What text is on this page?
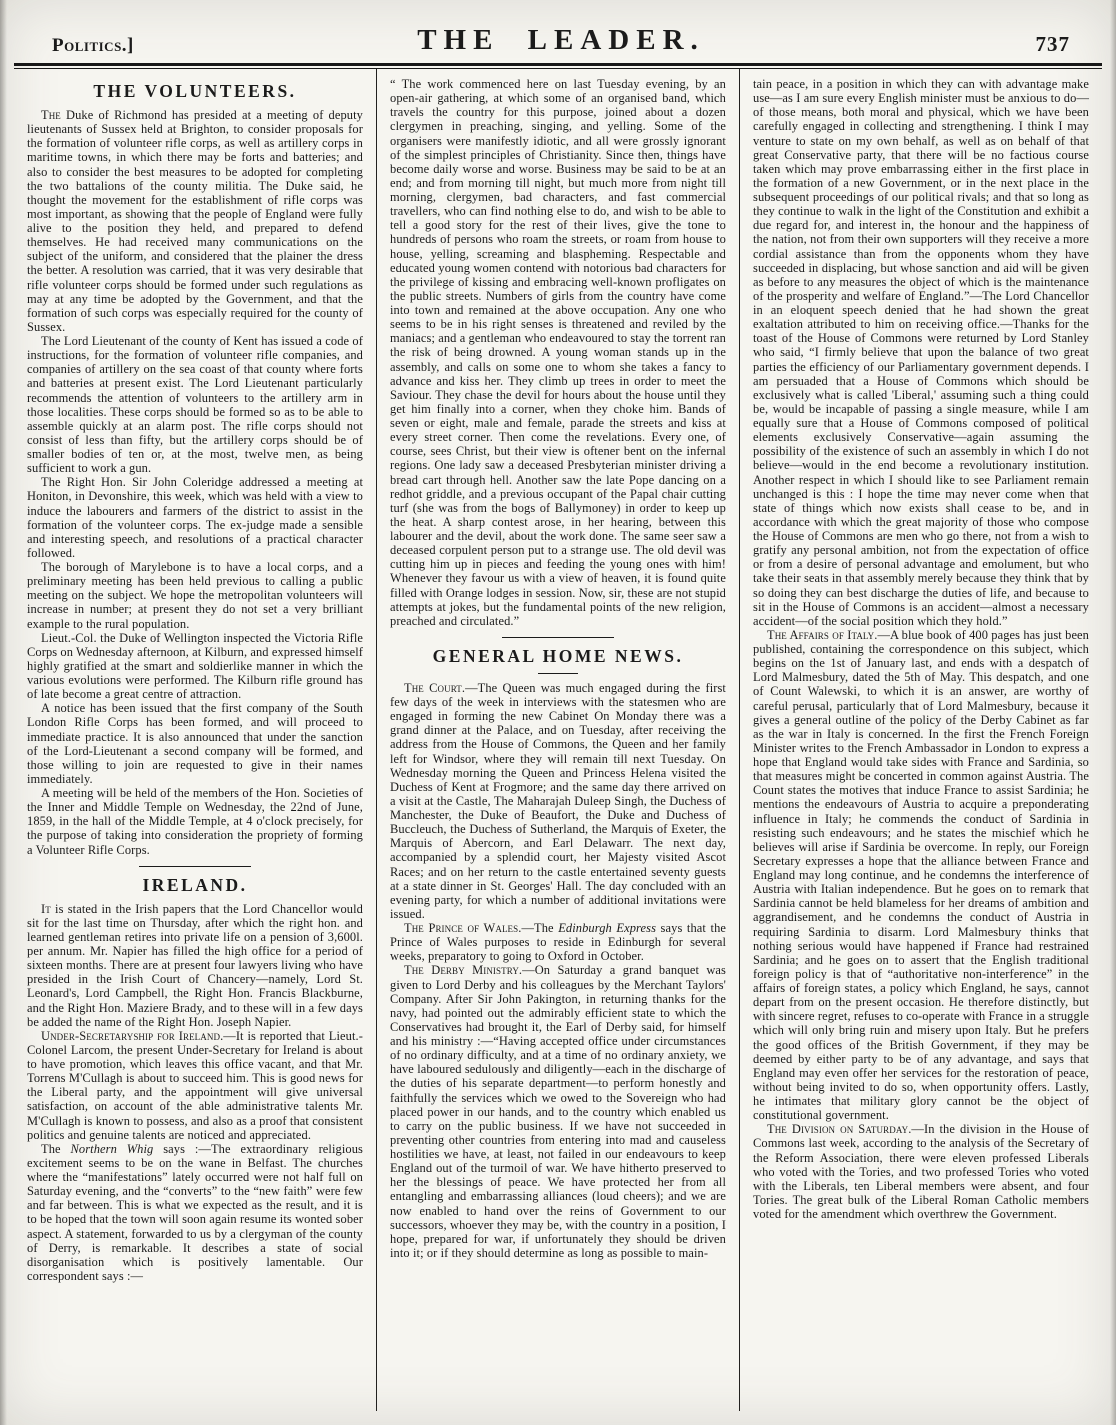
Politics.]	THE LEADER.	737
THE VOLUNTEERS.

The Duke of Richmond has presided at a meeting of deputy lieutenants of Sussex held at Brighton, to consider proposals for the formation of volunteer rifle corps, as well as artillery corps in maritime towns, in which there may be forts and batteries; and also to consider the best measures to be adopted for completing the two battalions of the county militia. The Duke said, he thought the movement for the establishment of rifle corps was most important, as showing that the people of England were fully alive to the position they held, and prepared to defend themselves. He had received many communications on the subject of the uniform, and considered that the plainer the dress the better. A resolution was carried, that it was very desirable that rifle volunteer corps should be formed under such regulations as may at any time be adopted by the Government, and that the formation of such corps was especially required for the county of Sussex.

The Lord Lieutenant of the county of Kent has issued a code of instructions, for the formation of volunteer rifle companies, and companies of artillery on the sea coast of that county where forts and batteries at present exist. The Lord Lieutenant particularly recommends the attention of volunteers to the artillery arm in those localities. These corps should be formed so as to be able to assemble quickly at an alarm post. The rifle corps should not consist of less than fifty, but the artillery corps should be of smaller bodies of ten or, at the most, twelve men, as being sufficient to work a gun.

The Right Hon. Sir John Coleridge addressed a meeting at Honiton, in Devonshire, this week, which was held with a view to induce the labourers and farmers of the district to assist in the formation of the volunteer corps. The ex-judge made a sensible and interesting speech, and resolutions of a practical character followed.

The borough of Marylebone is to have a local corps, and a preliminary meeting has been held previous to calling a public meeting on the subject. We hope the metropolitan volunteers will increase in number; at present they do not set a very brilliant example to the rural population.

Lieut.-Col. the Duke of Wellington inspected the Victoria Rifle Corps on Wednesday afternoon, at Kilburn, and expressed himself highly gratified at the smart and soldierlike manner in which the various evolutions were performed. The Kilburn rifle ground has of late become a great centre of attraction.

A notice has been issued that the first company of the South London Rifle Corps has been formed, and will proceed to immediate practice. It is also announced that under the sanction of the Lord-Lieutenant a second company will be formed, and those willing to join are requested to give in their names immediately.

A meeting will be held of the members of the Hon. Societies of the Inner and Middle Temple on Wednesday, the 22nd of June, 1859, in the hall of the Middle Temple, at 4 o'clock precisely, for the purpose of taking into consideration the propriety of forming a Volunteer Rifle Corps.

IRELAND.

It is stated in the Irish papers that the Lord Chancellor would sit for the last time on Thursday, after which the right hon. and learned gentleman retires into private life on a pension of 3,600l. per annum. Mr. Napier has filled the high office for a period of sixteen months. There are at present four lawyers living who have presided in the Irish Court of Chancery—namely, Lord St. Leonard's, Lord Campbell, the Right Hon. Francis Blackburne, and the Right Hon. Maziere Brady, and to these will in a few days be added the name of the Right Hon. Joseph Napier.

Under-Secretaryship for Ireland.—It is reported that Lieut.-Colonel Larcom, the present Under-Secretary for Ireland is about to have promotion, which leaves this office vacant, and that Mr. Torrens M'Cullagh is about to succeed him. This is good news for the Liberal party, and the appointment will give universal satisfaction, on account of the able administrative talents Mr. M'Cullagh is known to possess, and also as a proof that consistent politics and genuine talents are noticed and appreciated.

The Northern Whig says :—The extraordinary religious excitement seems to be on the wane in Belfast. The churches where the “manifestations” lately occurred were not half full on Saturday evening, and the “converts” to the “new faith” were few and far between. This is what we expected as the result, and it is to be hoped that the town will soon again resume its wonted sober aspect. A statement, forwarded to us by a clergyman of the county of Derry, is remarkable. It describes a state of social disorganisation which is positively lamentable. Our correspondent says :—

“ The work commenced here on last Tuesday evening, by an open-air gathering, at which some of an organised band, which travels the country for this purpose, joined about a dozen clergymen in preaching, singing, and yelling. Some of the organisers were manifestly idiotic, and all were grossly ignorant of the simplest principles of Christianity. Since then, things have become daily worse and worse. Business may be said to be at an end; and from morning till night, but much more from night till morning, clergymen, bad characters, and fast commercial travellers, who can find nothing else to do, and wish to be able to tell a good story for the rest of their lives, give the tone to hundreds of persons who roam the streets, or roam from house to house, yelling, screaming and blaspheming. Respectable and educated young women contend with notorious bad characters for the privilege of kissing and embracing well-known profligates on the public streets. Numbers of girls from the country have come into town and remained at the above occupation. Any one who seems to be in his right senses is threatened and reviled by the maniacs; and a gentleman who endeavoured to stay the torrent ran the risk of being drowned. A young woman stands up in the assembly, and calls on some one to whom she takes a fancy to advance and kiss her. They climb up trees in order to meet the Saviour. They chase the devil for hours about the house until they get him finally into a corner, when they choke him. Bands of seven or eight, male and female, parade the streets and kiss at every street corner. Then come the revelations. Every one, of course, sees Christ, but their view is oftener bent on the infernal regions. One lady saw a deceased Presbyterian minister driving a bread cart through hell. Another saw the late Pope dancing on a redhot griddle, and a previous occupant of the Papal chair cutting turf (she was from the bogs of Ballymoney) in order to keep up the heat. A sharp contest arose, in her hearing, between this labourer and the devil, about the work done. The same seer saw a deceased corpulent person put to a strange use. The old devil was cutting him up in pieces and feeding the young ones with him! Whenever they favour us with a view of heaven, it is found quite filled with Orange lodges in session. Now, sir, these are not stupid attempts at jokes, but the fundamental points of the new religion, preached and circulated.”

GENERAL HOME NEWS.

The Court.—The Queen was much engaged during the first few days of the week in interviews with the statesmen who are engaged in forming the new Cabinet On Monday there was a grand dinner at the Palace, and on Tuesday, after receiving the address from the House of Commons, the Queen and her family left for Windsor, where they will remain till next Tuesday. On Wednesday morning the Queen and Princess Helena visited the Duchess of Kent at Frogmore; and the same day there arrived on a visit at the Castle, The Maharajah Duleep Singh, the Duchess of Manchester, the Duke of Beaufort, the Duke and Duchess of Buccleuch, the Duchess of Sutherland, the Marquis of Exeter, the Marquis of Abercorn, and Earl Delawarr. The next day, accompanied by a splendid court, her Majesty visited Ascot Races; and on her return to the castle entertained seventy guests at a state dinner in St. Georges' Hall. The day concluded with an evening party, for which a number of additional invitations were issued.

The Prince of Wales.—The Edinburgh Express says that the Prince of Wales purposes to reside in Edinburgh for several weeks, preparatory to going to Oxford in October.

The Derby Ministry.—On Saturday a grand banquet was given to Lord Derby and his colleagues by the Merchant Taylors' Company. After Sir John Pakington, in returning thanks for the navy, had pointed out the admirably efficient state to which the Conservatives had brought it, the Earl of Derby said, for himself and his ministry :—“Having accepted office under circumstances of no ordinary difficulty, and at a time of no ordinary anxiety, we have laboured sedulously and diligently—each in the discharge of the duties of his separate department—to perform honestly and faithfully the services which we owed to the Sovereign who had placed power in our hands, and to the country which enabled us to carry on the public business. If we have not succeeded in preventing other countries from entering into mad and causeless hostilities we have, at least, not failed in our endeavours to keep England out of the turmoil of war. We have hitherto preserved to her the blessings of peace. We have protected her from all entangling and embarrassing alliances (loud cheers); and we are now enabled to hand over the reins of Government to our successors, whoever they may be, with the country in a position, I hope, prepared for war, if unfortunately they should be driven into it; or if they should determine as long as possible to main-

tain peace, in a position in which they can with advantage make use—as I am sure every English minister must be anxious to do—of those means, both moral and physical, which we have been carefully engaged in collecting and strengthening. I think I may venture to state on my own behalf, as well as on behalf of that great Conservative party, that there will be no factious course taken which may prove embarrassing either in the first place in the formation of a new Government, or in the next place in the subsequent proceedings of our political rivals; and that so long as they continue to walk in the light of the Constitution and exhibit a due regard for, and interest in, the honour and the happiness of the nation, not from their own supporters will they receive a more cordial assistance than from the opponents whom they have succeeded in displacing, but whose sanction and aid will be given as before to any measures the object of which is the maintenance of the prosperity and welfare of England.”—The Lord Chancellor in an eloquent speech denied that he had shown the great exaltation attributed to him on receiving office.—Thanks for the toast of the House of Commons were returned by Lord Stanley who said, “I firmly believe that upon the balance of two great parties the efficiency of our Parliamentary government depends. I am persuaded that a House of Commons which should be exclusively what is called 'Liberal,' assuming such a thing could be, would be incapable of passing a single measure, while I am equally sure that a House of Commons composed of political elements exclusively Conservative—again assuming the possibility of the existence of such an assembly in which I do not believe—would in the end become a revolutionary institution. Another respect in which I should like to see Parliament remain unchanged is this : I hope the time may never come when that state of things which now exists shall cease to be, and in accordance with which the great majority of those who compose the House of Commons are men who go there, not from a wish to gratify any personal ambition, not from the expectation of office or from a desire of personal advantage and emolument, but who take their seats in that assembly merely because they think that by so doing they can best discharge the duties of life, and because to sit in the House of Commons is an accident—almost a necessary accident—of the social position which they hold.”

The Affairs of Italy.—A blue book of 400 pages has just been published, containing the correspondence on this subject, which begins on the 1st of January last, and ends with a despatch of Lord Malmesbury, dated the 5th of May. This despatch, and one of Count Walewski, to which it is an answer, are worthy of careful perusal, particularly that of Lord Malmesbury, because it gives a general outline of the policy of the Derby Cabinet as far as the war in Italy is concerned. In the first the French Foreign Minister writes to the French Ambassador in London to express a hope that England would take sides with France and Sardinia, so that measures might be concerted in common against Austria. The Count states the motives that induce France to assist Sardinia; he mentions the endeavours of Austria to acquire a preponderating influence in Italy; he commends the conduct of Sardinia in resisting such endeavours; and he states the mischief which he believes will arise if Sardinia be overcome. In reply, our Foreign Secretary expresses a hope that the alliance between France and England may long continue, and he condemns the interference of Austria with Italian independence. But he goes on to remark that Sardinia cannot be held blameless for her dreams of ambition and aggrandisement, and he condemns the conduct of Austria in requiring Sardinia to disarm. Lord Malmesbury thinks that nothing serious would have happened if France had restrained Sardinia; and he goes on to assert that the English traditional foreign policy is that of “authoritative non-interference” in the affairs of foreign states, a policy which England, he says, cannot depart from on the present occasion. He therefore distinctly, but with sincere regret, refuses to co-operate with France in a struggle which will only bring ruin and misery upon Italy. But he prefers the good offices of the British Government, if they may be deemed by either party to be of any advantage, and says that England may even offer her services for the restoration of peace, without being invited to do so, when opportunity offers. Lastly, he intimates that military glory cannot be the object of constitutional government.

The Division on Saturday.—In the division in the House of Commons last week, according to the analysis of the Secretary of the Reform Association, there were eleven professed Liberals who voted with the Tories, and two professed Tories who voted with the Liberals, ten Liberal members were absent, and four Tories. The great bulk of the Liberal Roman Catholic members voted for the amendment which overthrew the Government.
